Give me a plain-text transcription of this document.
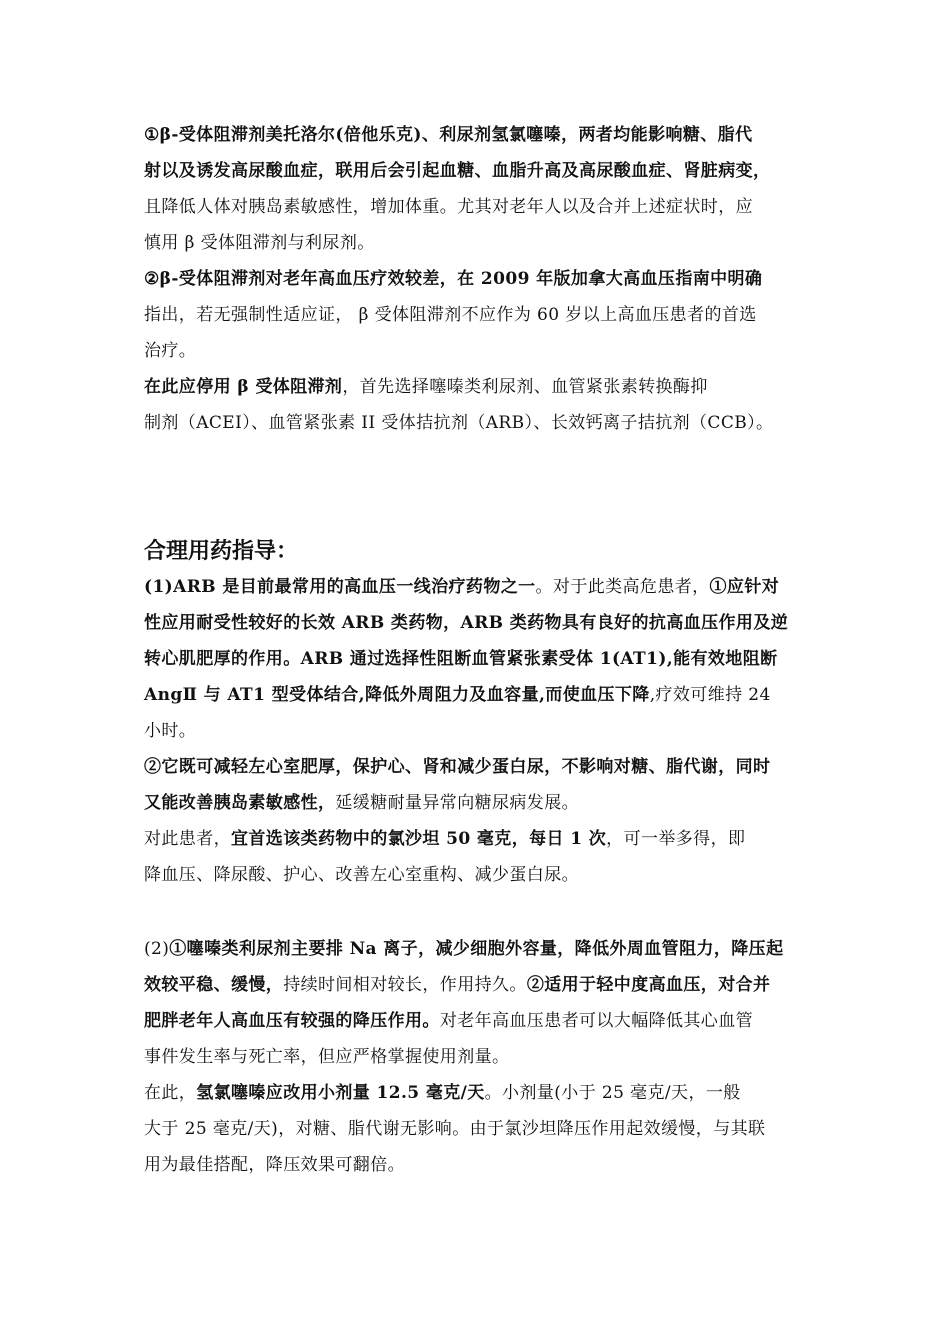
①β-受体阻滞剂美托洛尔(倍他乐克)、利尿剂氢氯噻嗪，两者均能影响糖、脂代
射以及诱发高尿酸血症，联用后会引起血糖、血脂升高及高尿酸血症、肾脏病变，
且降低人体对胰岛素敏感性，增加体重。尤其对老年人以及合并上述症状时，应
慎用 β 受体阻滞剂与利尿剂。
②β-受体阻滞剂对老年高血压疗效较差，在 2009 年版加拿大高血压指南中明确
指出，若无强制性适应证， β 受体阻滞剂不应作为 60 岁以上高血压患者的首选
治疗。
在此应停用 β 受体阻滞剂，首先选择噻嗪类利尿剂、血管紧张素转换酶抑
制剂（ACEI）、血管紧张素 II 受体拮抗剂（ARB）、长效钙离子拮抗剂（CCB）。
合理用药指导：
(1)ARB 是目前最常用的高血压一线治疗药物之一。对于此类高危患者，①应针对
性应用耐受性较好的长效 ARB 类药物，ARB 类药物具有良好的抗高血压作用及逆
转心肌肥厚的作用。ARB 通过选择性阻断血管紧张素受体 1(AT1),能有效地阻断
AngⅡ 与 AT1 型受体结合,降低外周阻力及血容量,而使血压下降,疗效可维持 24
小时。
②它既可减轻左心室肥厚，保护心、肾和减少蛋白尿，不影响对糖、脂代谢，同时
又能改善胰岛素敏感性，延缓糖耐量异常向糖尿病发展。
对此患者，宜首选该类药物中的氯沙坦 50 毫克，每日 1 次，可一举多得，即
降血压、降尿酸、护心、改善左心室重构、减少蛋白尿。
(2)①噻嗪类利尿剂主要排 Na 离子，减少细胞外容量，降低外周血管阻力，降压起
效较平稳、缓慢，持续时间相对较长，作用持久。②适用于轻中度高血压，对合并
肥胖老年人高血压有较强的降压作用。对老年高血压患者可以大幅降低其心血管
事件发生率与死亡率，但应严格掌握使用剂量。
在此，氢氯噻嗪应改用小剂量 12.5 毫克/天。小剂量(小于 25 毫克/天，一般
大于 25 毫克/天)，对糖、脂代谢无影响。由于氯沙坦降压作用起效缓慢，与其联
用为最佳搭配，降压效果可翻倍。
